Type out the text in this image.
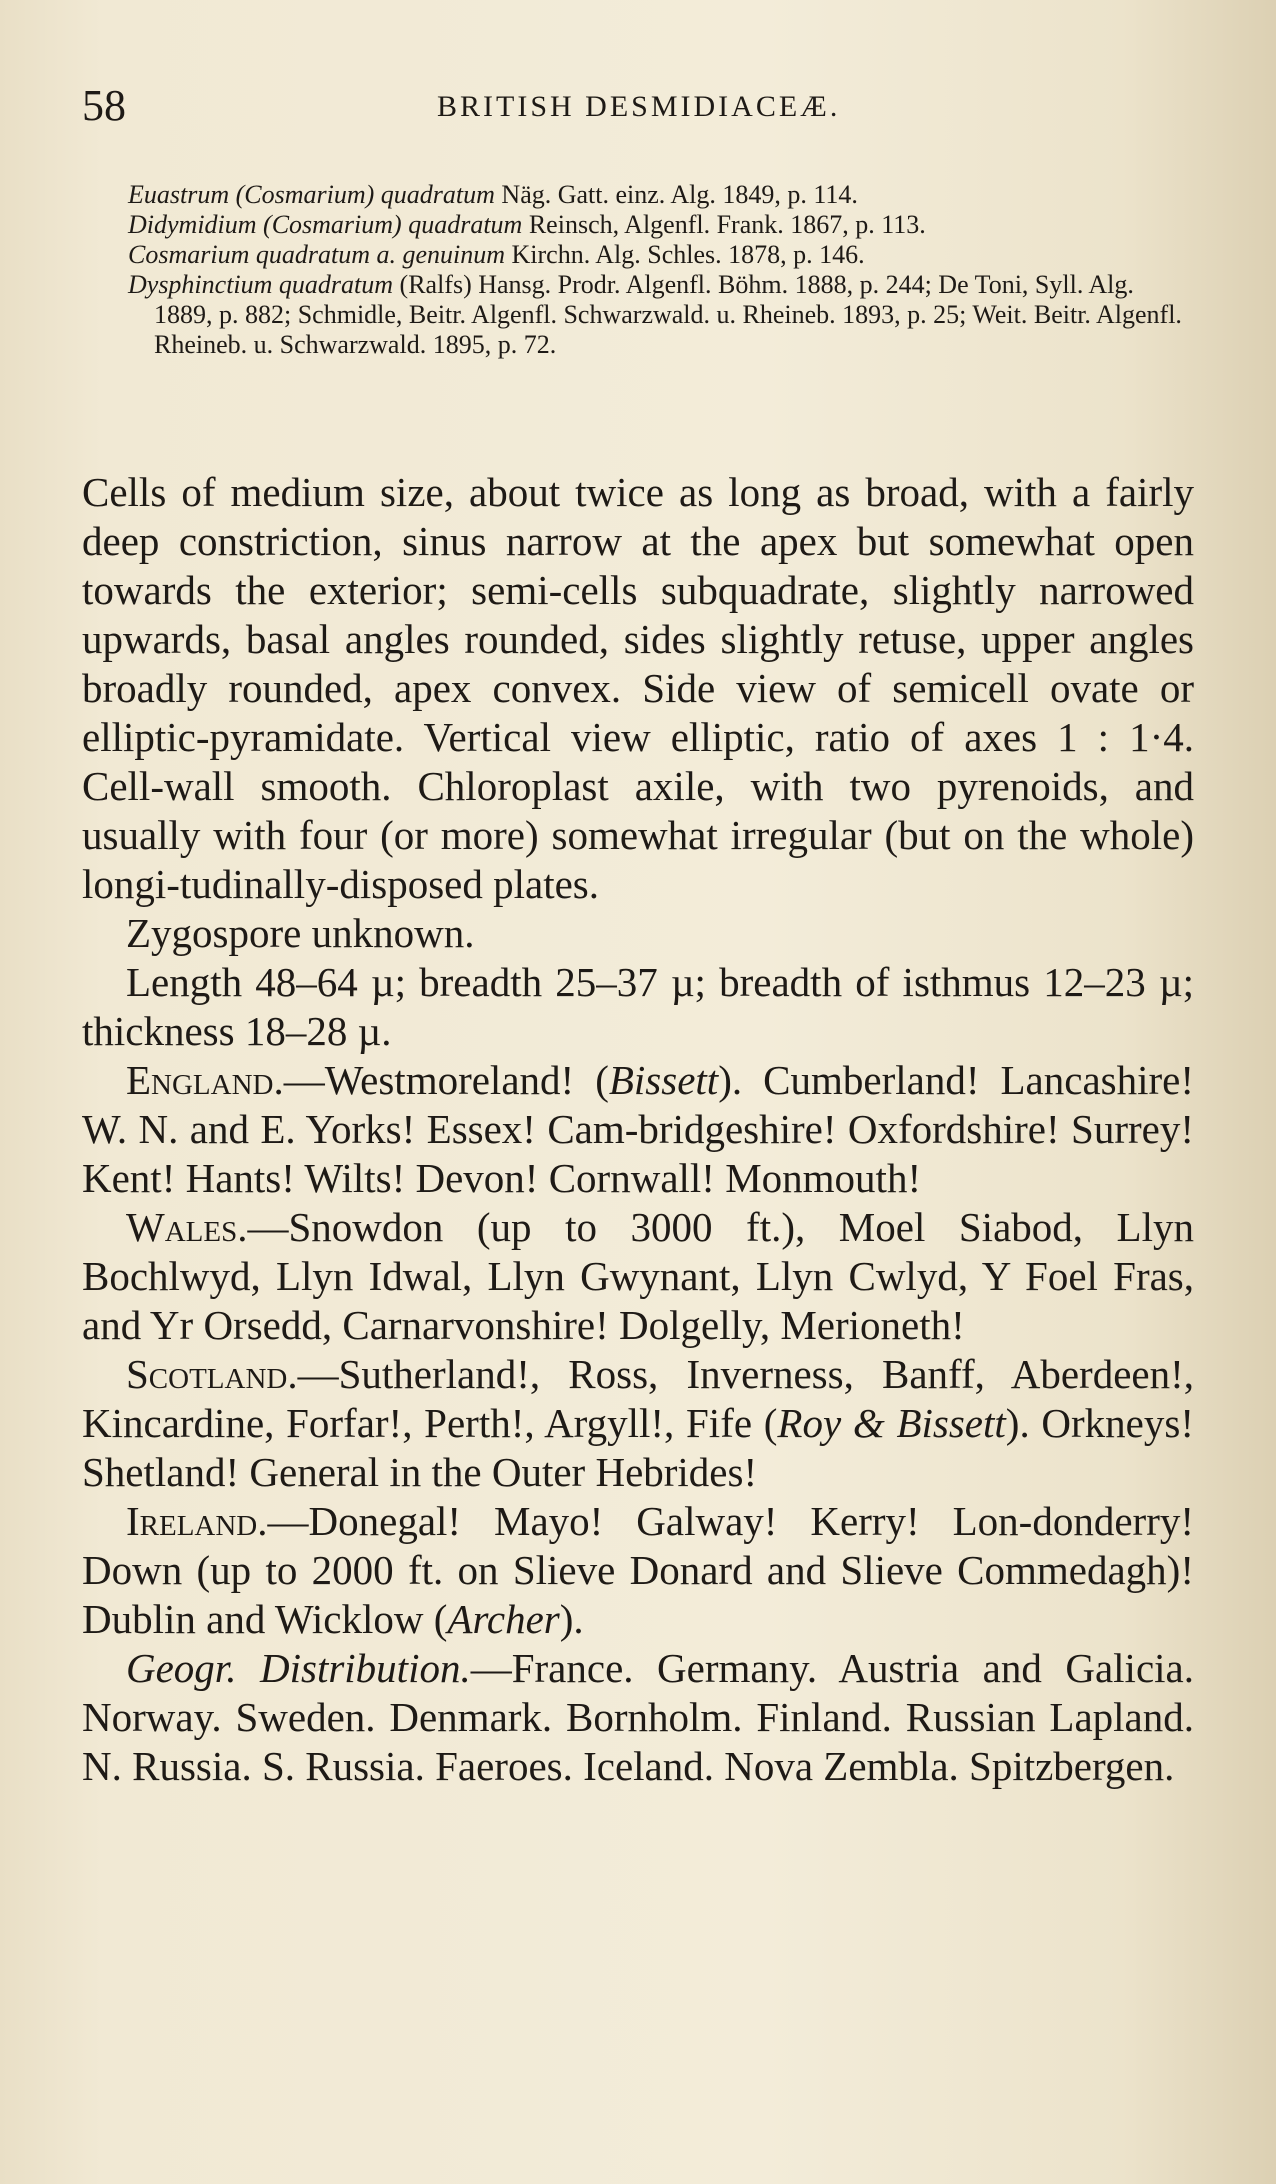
58	BRITISH DESMIDIACEÆ.

Euastrum (Cosmarium) quadratum Näg. Gatt. einz. Alg. 1849, p. 114.

Didymidium (Cosmarium) quadratum Reinsch, Algenfl. Frank. 1867, p. 113.

Cosmarium quadratum a. genuinum Kirchn. Alg. Schles. 1878, p. 146.

Dysphinctium quadratum (Ralfs) Hansg. Prodr. Algenfl. Böhm. 1888, p. 244; De Toni, Syll. Alg. 1889, p. 882; Schmidle, Beitr. Algenfl. Schwarzwald. u. Rheineb. 1893, p. 25; Weit. Beitr. Algenfl. Rheineb. u. Schwarzwald. 1895, p. 72.

Cells of medium size, about twice as long as broad, with a fairly deep constriction, sinus narrow at the apex but somewhat open towards the exterior; semi-cells subquadrate, slightly narrowed upwards, basal angles rounded, sides slightly retuse, upper angles broadly rounded, apex convex. Side view of semicell ovate or elliptic-pyramidate. Vertical view elliptic, ratio of axes 1 : 1·4. Cell-wall smooth. Chloroplast axile, with two pyrenoids, and usually with four (or more) somewhat irregular (but on the whole) longi-tudinally-disposed plates.

Zygospore unknown.

Length 48–64 µ; breadth 25–37 µ; breadth of isthmus 12–23 µ; thickness 18–28 µ.

England.—Westmoreland! (Bissett). Cumberland! Lancashire! W. N. and E. Yorks! Essex! Cam-bridgeshire! Oxfordshire! Surrey! Kent! Hants! Wilts! Devon! Cornwall! Monmouth!

Wales.—Snowdon (up to 3000 ft.), Moel Siabod, Llyn Bochlwyd, Llyn Idwal, Llyn Gwynant, Llyn Cwlyd, Y Foel Fras, and Yr Orsedd, Carnarvonshire! Dolgelly, Merioneth!

Scotland.—Sutherland!, Ross, Inverness, Banff, Aberdeen!, Kincardine, Forfar!, Perth!, Argyll!, Fife (Roy & Bissett). Orkneys! Shetland! General in the Outer Hebrides!

Ireland.—Donegal! Mayo! Galway! Kerry! Lon-donderry! Down (up to 2000 ft. on Slieve Donard and Slieve Commedagh)! Dublin and Wicklow (Archer).

Geogr. Distribution.—France. Germany. Austria and Galicia. Norway. Sweden. Denmark. Bornholm. Finland. Russian Lapland. N. Russia. S. Russia. Faeroes. Iceland. Nova Zembla. Spitzbergen.
